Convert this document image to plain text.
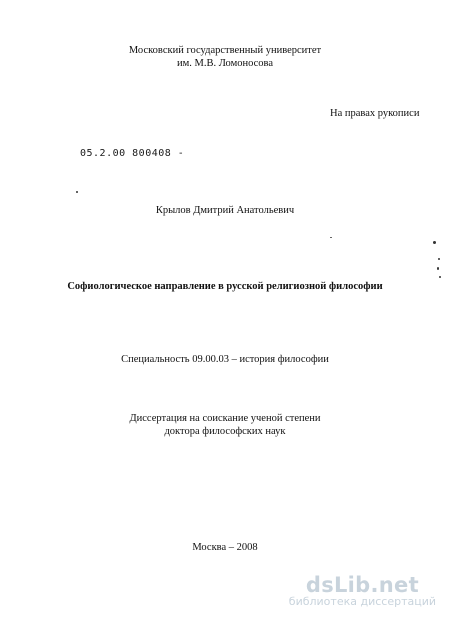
Московский государственный университет
им. М.В. Ломоносова
На правах рукописи
05.2.00 800408 -
Крылов Дмитрий Анатольевич
Софиологическое направление в русской религиозной философии
Специальность 09.00.03 – история философии
Диссертация на соискание ученой степени
доктора философских наук
Москва – 2008
dsLib.net
библиотека диссертаций
